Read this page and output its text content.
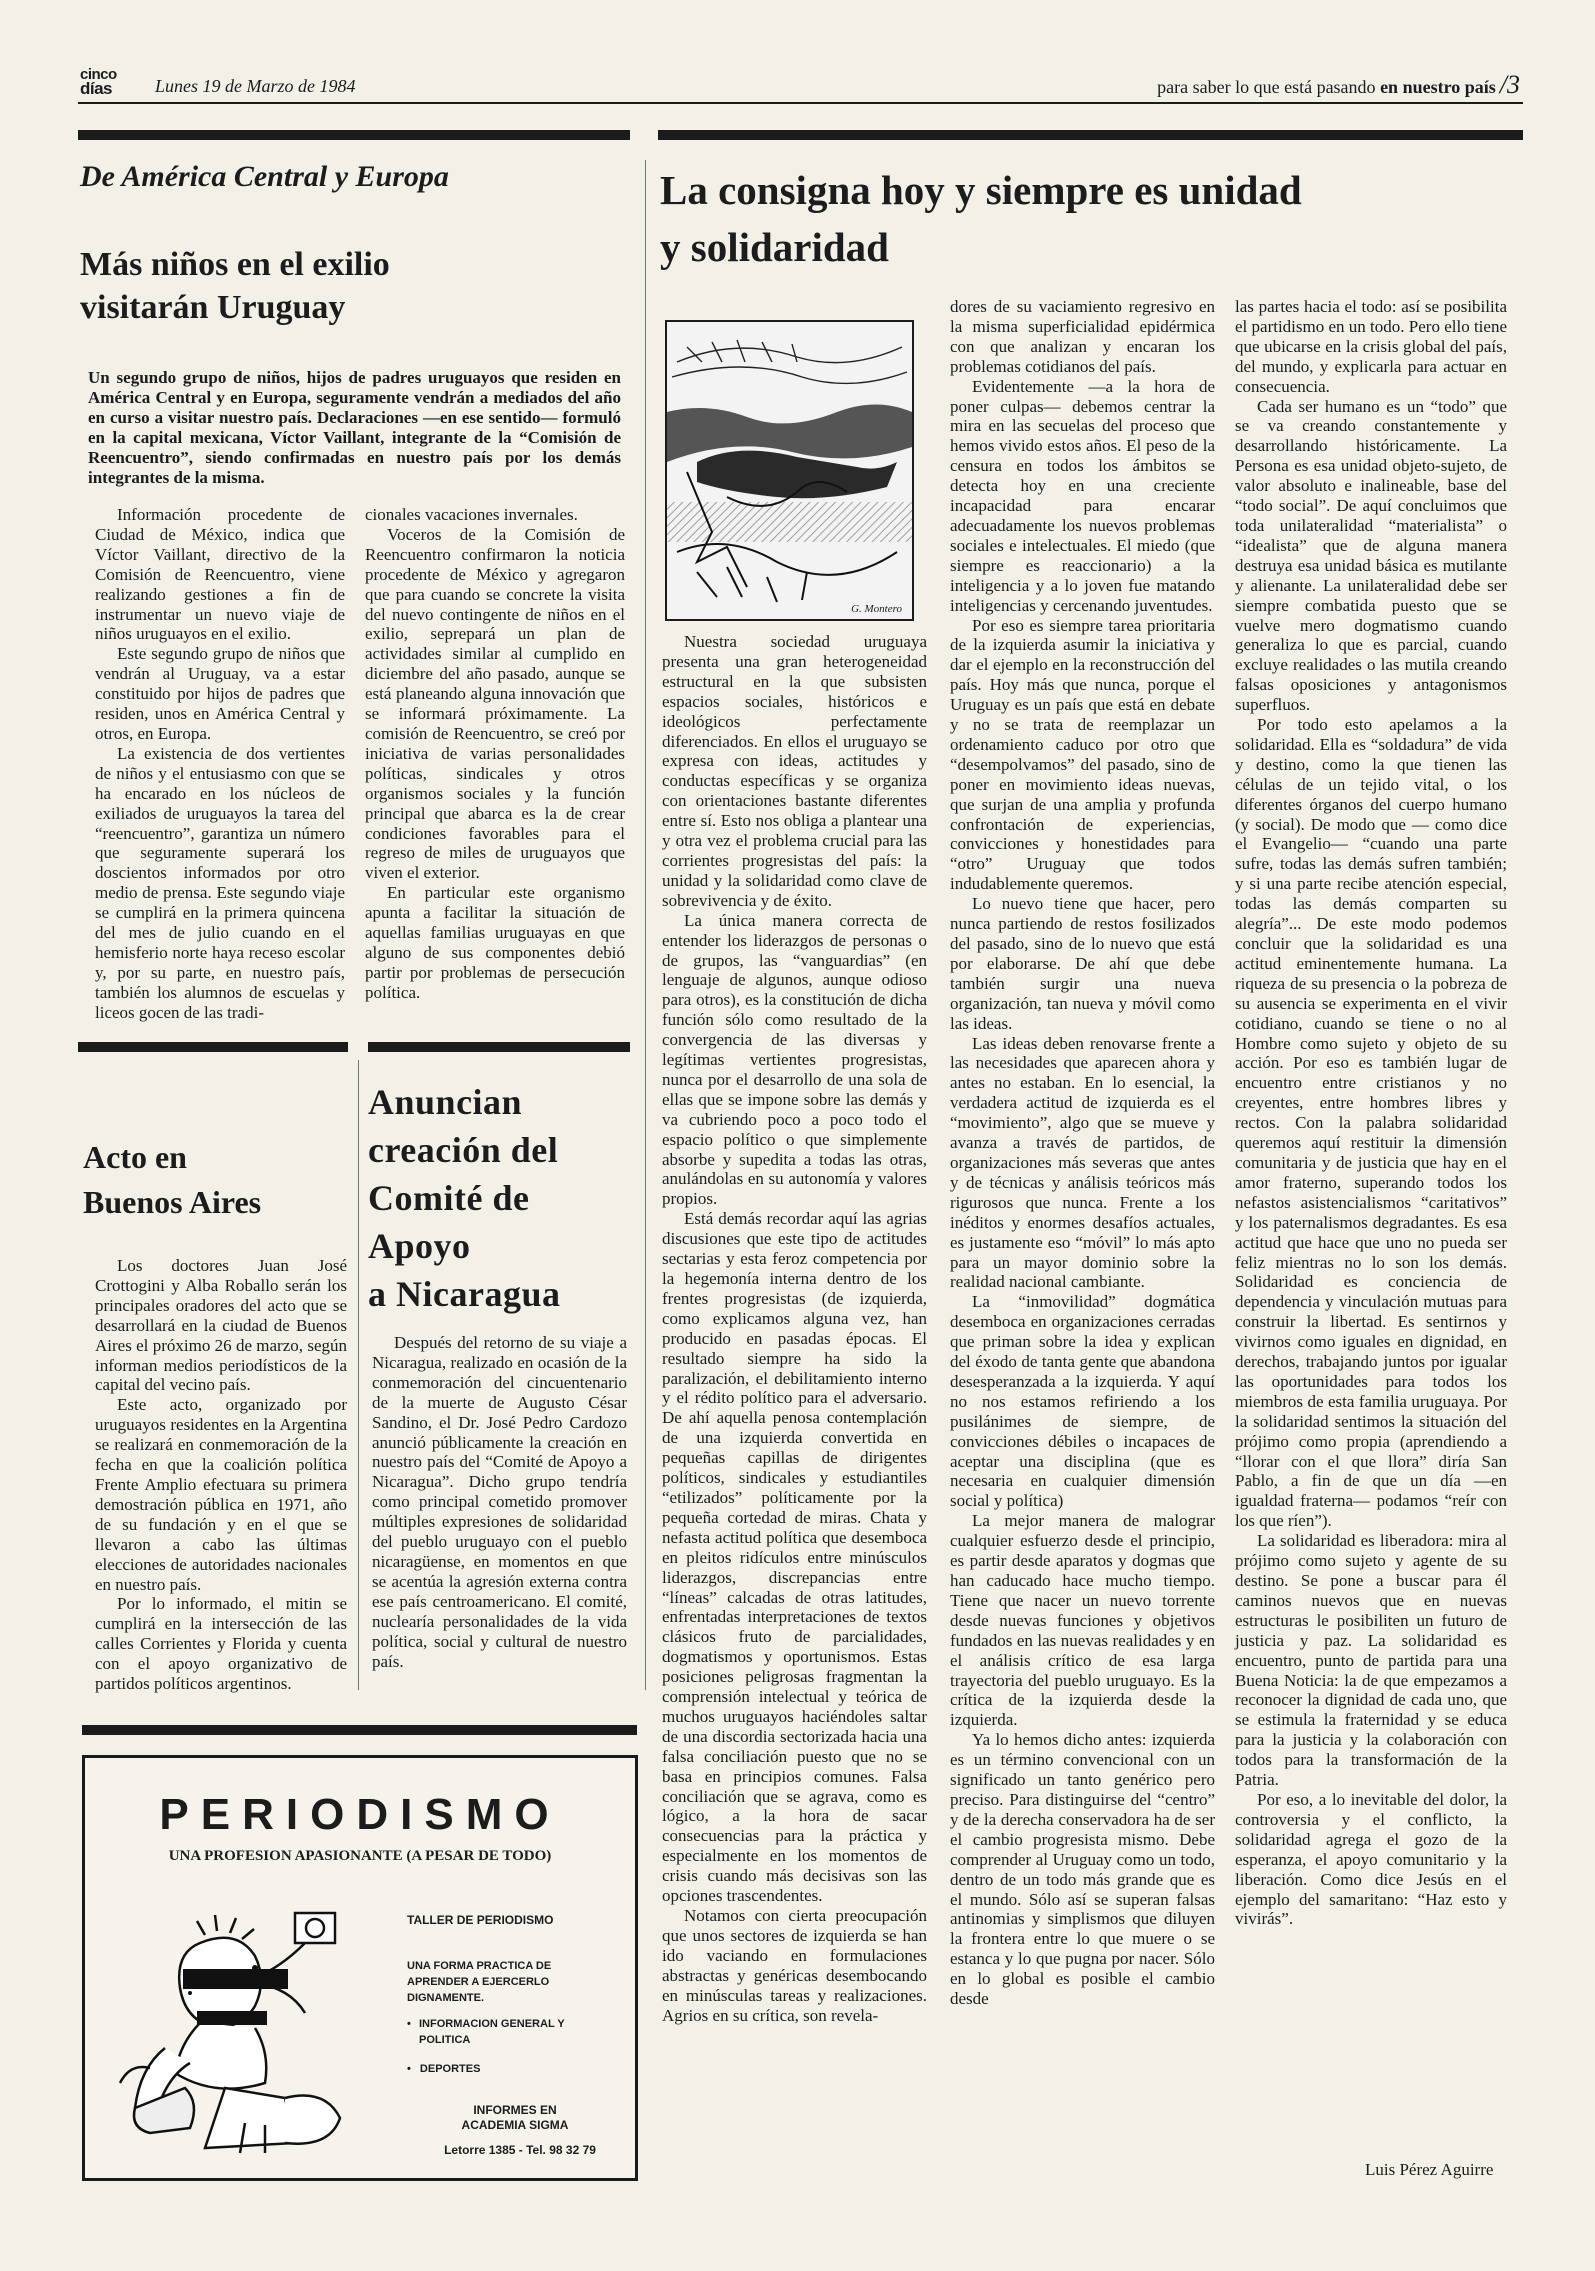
cinco
días	Lunes 19 de Marzo de 1984	para saber lo que está pasando en nuestro país /3
De América Central y Europa
Más niños en el exilio
visitarán Uruguay
Un segundo grupo de niños, hijos de padres uruguayos que residen en América Central y en Europa, seguramente vendrán a mediados del año en curso a visitar nuestro país. Declaraciones —en ese sentido— formuló en la capital mexicana, Víctor Vaillant, integrante de la “Comisión de Reencuentro”, siendo confirmadas en nuestro país por los demás integrantes de la misma.

Información procedente de Ciudad de México, indica que Víctor Vaillant, directivo de la Comisión de Reencuentro, viene realizando gestiones a fin de instrumentar un nuevo viaje de niños uruguayos en el exilio.

Este segundo grupo de niños que vendrán al Uruguay, va a estar constituido por hijos de padres que residen, unos en América Central y otros, en Europa.

La existencia de dos vertientes de niños y el entusiasmo con que se ha encarado en los núcleos de exiliados de uruguayos la tarea del “reencuentro”, garantiza un número que seguramente superará los doscientos informados por otro medio de prensa. Este segundo viaje se cumplirá en la primera quincena del mes de julio cuando en el hemisferio norte haya receso escolar y, por su parte, en nuestro país, también los alumnos de escuelas y liceos gocen de las tradi-

cionales vacaciones invernales.

Voceros de la Comisión de Reencuentro confirmaron la noticia procedente de México y agregaron que para cuando se concrete la visita del nuevo contingente de niños en el exilio, seprepará un plan de actividades similar al cumplido en diciembre del año pasado, aunque se está planeando alguna innovación que se informará próximamente. La comisión de Reencuentro, se creó por iniciativa de varias personalidades políticas, sindicales y otros organismos sociales y la función principal que abarca es la de crear condiciones favorables para el regreso de miles de uruguayos que viven el exterior.

En particular este organismo apunta a facilitar la situación de aquellas familias uruguayas en que alguno de sus componentes debió partir por problemas de persecución política.

Acto en
Buenos Aires

Los doctores Juan José Crottogini y Alba Roballo serán los principales oradores del acto que se desarrollará en la ciudad de Buenos Aires el próximo 26 de marzo, según informan medios periodísticos de la capital del vecino país.

Este acto, organizado por uruguayos residentes en la Argentina se realizará en conmemoración de la fecha en que la coalición política Frente Amplio efectuara su primera demostración pública en 1971, año de su fundación y en el que se llevaron a cabo las últimas elecciones de autoridades nacionales en nuestro país.

Por lo informado, el mitin se cumplirá en la intersección de las calles Corrientes y Florida y cuenta con el apoyo organizativo de partidos políticos argentinos.

Anuncian
creación del
Comité de
Apoyo
a Nicaragua

Después del retorno de su viaje a Nicaragua, realizado en ocasión de la conmemoración del cincuentenario de la muerte de Augusto César Sandino, el Dr. José Pedro Cardozo anunció públicamente la creación en nuestro país del “Comité de Apoyo a Nicaragua”. Dicho grupo tendría como principal cometido promover múltiples expresiones de solidaridad del pueblo uruguayo con el pueblo nicaragüense, en momentos en que se acentúa la agresión externa contra ese país centroamericano. El comité, nuclearía personalidades de la vida política, social y cultural de nuestro país.

PERIODISMO
UNA PROFESION APASIONANTE (A PESAR DE TODO)
TALLER DE PERIODISMO
UNA FORMA PRACTICA DE APRENDER A EJERCERLO DIGNAMENTE.
• INFORMACION GENERAL Y POLITICA
• DEPORTES
INFORMES EN
ACADEMIA SIGMA
Letorre 1385 - Tel. 98 32 79
La consigna hoy y siempre es unidad
y solidaridad
G. Montero

Nuestra sociedad uruguaya presenta una gran heterogeneidad estructural en la que subsisten espacios sociales, históricos e ideológicos perfectamente diferenciados. En ellos el uruguayo se expresa con ideas, actitudes y conductas específicas y se organiza con orientaciones bastante diferentes entre sí. Esto nos obliga a plantear una y otra vez el problema crucial para las corrientes progresistas del país: la unidad y la solidaridad como clave de sobrevivencia y de éxito.

La única manera correcta de entender los liderazgos de personas o de grupos, las “vanguardias” (en lenguaje de algunos, aunque odioso para otros), es la constitución de dicha función sólo como resultado de la convergencia de las diversas y legítimas vertientes progresistas, nunca por el desarrollo de una sola de ellas que se impone sobre las demás y va cubriendo poco a poco todo el espacio político o que simplemente absorbe y supedita a todas las otras, anulándolas en su autonomía y valores propios.

Está demás recordar aquí las agrias discusiones que este tipo de actitudes sectarias y esta feroz competencia por la hegemonía interna dentro de los frentes progresistas (de izquierda, como explicamos alguna vez, han producido en pasadas épocas. El resultado siempre ha sido la paralización, el debilitamiento interno y el rédito político para el adversario. De ahí aquella penosa contemplación de una izquierda convertida en pequeñas capillas de dirigentes políticos, sindicales y estudiantiles “etilizados” políticamente por la pequeña cortedad de miras. Chata y nefasta actitud política que desemboca en pleitos ridículos entre minúsculos liderazgos, discrepancias entre “líneas” calcadas de otras latitudes, enfrentadas interpretaciones de textos clásicos fruto de parcialidades, dogmatismos y oportunismos. Estas posiciones peligrosas fragmentan la comprensión intelectual y teórica de muchos uruguayos haciéndoles saltar de una discordia sectorizada hacia una falsa conciliación puesto que no se basa en principios comunes. Falsa conciliación que se agrava, como es lógico, a la hora de sacar consecuencias para la práctica y especialmente en los momentos de crisis cuando más decisivas son las opciones trascendentes.

Notamos con cierta preocupación que unos sectores de izquierda se han ido vaciando en formulaciones abstractas y genéricas desembocando en minúsculas tareas y realizaciones. Agrios en su crítica, son revela-

dores de su vaciamiento regresivo en la misma superficialidad epidérmica con que analizan y encaran los problemas cotidianos del país.

Evidentemente —a la hora de poner culpas— debemos centrar la mira en las secuelas del proceso que hemos vivido estos años. El peso de la censura en todos los ámbitos se detecta hoy en una creciente incapacidad para encarar adecuadamente los nuevos problemas sociales e intelectuales. El miedo (que siempre es reaccionario) a la inteligencia y a lo joven fue matando inteligencias y cercenando juventudes.

Por eso es siempre tarea prioritaria de la izquierda asumir la iniciativa y dar el ejemplo en la reconstrucción del país. Hoy más que nunca, porque el Uruguay es un país que está en debate y no se trata de reemplazar un ordenamiento caduco por otro que “desempolvamos” del pasado, sino de poner en movimiento ideas nuevas, que surjan de una amplia y profunda confrontación de experiencias, convicciones y honestidades para “otro” Uruguay que todos indudablemente queremos.

Lo nuevo tiene que hacer, pero nunca partiendo de restos fosilizados del pasado, sino de lo nuevo que está por elaborarse. De ahí que debe también surgir una nueva organización, tan nueva y móvil como las ideas.

Las ideas deben renovarse frente a las necesidades que aparecen ahora y antes no estaban. En lo esencial, la verdadera actitud de izquierda es el “movimiento”, algo que se mueve y avanza a través de partidos, de organizaciones más severas que antes y de técnicas y análisis teóricos más rigurosos que nunca. Frente a los inéditos y enormes desafíos actuales, es justamente eso “móvil” lo más apto para un mayor dominio sobre la realidad nacional cambiante.

La “inmovilidad” dogmática desemboca en organizaciones cerradas que priman sobre la idea y explican del éxodo de tanta gente que abandona desesperanzada a la izquierda. Y aquí no nos estamos refiriendo a los pusilánimes de siempre, de convicciones débiles o incapaces de aceptar una disciplina (que es necesaria en cualquier dimensión social y política)

La mejor manera de malograr cualquier esfuerzo desde el principio, es partir desde aparatos y dogmas que han caducado hace mucho tiempo. Tiene que nacer un nuevo torrente desde nuevas funciones y objetivos fundados en las nuevas realidades y en el análisis crítico de esa larga trayectoria del pueblo uruguayo. Es la crítica de la izquierda desde la izquierda.

Ya lo hemos dicho antes: izquierda es un término convencional con un significado un tanto genérico pero preciso. Para distinguirse del “centro” y de la derecha conservadora ha de ser el cambio progresista mismo. Debe comprender al Uruguay como un todo, dentro de un todo más grande que es el mundo. Sólo así se superan falsas antinomias y simplismos que diluyen la frontera entre lo que muere o se estanca y lo que pugna por nacer. Sólo en lo global es posible el cambio desde

las partes hacia el todo: así se posibilita el partidismo en un todo. Pero ello tiene que ubicarse en la crisis global del país, del mundo, y explicarla para actuar en consecuencia.

Cada ser humano es un “todo” que se va creando constantemente y desarrollando históricamente. La Persona es esa unidad objeto-sujeto, de valor absoluto e inalineable, base del “todo social”. De aquí concluimos que toda unilateralidad “materialista” o “idealista” que de alguna manera destruya esa unidad básica es mutilante y alienante. La unilateralidad debe ser siempre combatida puesto que se vuelve mero dogmatismo cuando generaliza lo que es parcial, cuando excluye realidades o las mutila creando falsas oposiciones y antagonismos superfluos.

Por todo esto apelamos a la solidaridad. Ella es “soldadura” de vida y destino, como la que tienen las células de un tejido vital, o los diferentes órganos del cuerpo humano (y social). De modo que — como dice el Evangelio— “cuando una parte sufre, todas las demás sufren también; y si una parte recibe atención especial, todas las demás comparten su alegría”... De este modo podemos concluir que la solidaridad es una actitud eminentemente humana. La riqueza de su presencia o la pobreza de su ausencia se experimenta en el vivir cotidiano, cuando se tiene o no al Hombre como sujeto y objeto de su acción. Por eso es también lugar de encuentro entre cristianos y no creyentes, entre hombres libres y rectos. Con la palabra solidaridad queremos aquí restituir la dimensión comunitaria y de justicia que hay en el amor fraterno, superando todos los nefastos asistencialismos “caritativos” y los paternalismos degradantes. Es esa actitud que hace que uno no pueda ser feliz mientras no lo son los demás. Solidaridad es conciencia de dependencia y vinculación mutuas para construir la libertad. Es sentirnos y vivirnos como iguales en dignidad, en derechos, trabajando juntos por igualar las oportunidades para todos los miembros de esta familia uruguaya. Por la solidaridad sentimos la situación del prójimo como propia (aprendiendo a “llorar con el que llora” diría San Pablo, a fin de que un día —en igualdad fraterna— podamos “reír con los que ríen”).

La solidaridad es liberadora: mira al prójimo como sujeto y agente de su destino. Se pone a buscar para él caminos nuevos que en nuevas estructuras le posibiliten un futuro de justicia y paz. La solidaridad es encuentro, punto de partida para una Buena Noticia: la de que empezamos a reconocer la dignidad de cada uno, que se estimula la fraternidad y se educa para la justicia y la colaboración con todos para la transformación de la Patria.

Por eso, a lo inevitable del dolor, la controversia y el conflicto, la solidaridad agrega el gozo de la esperanza, el apoyo comunitario y la liberación. Como dice Jesús en el ejemplo del samaritano: “Haz esto y vivirás”.

Luis Pérez Aguirre
